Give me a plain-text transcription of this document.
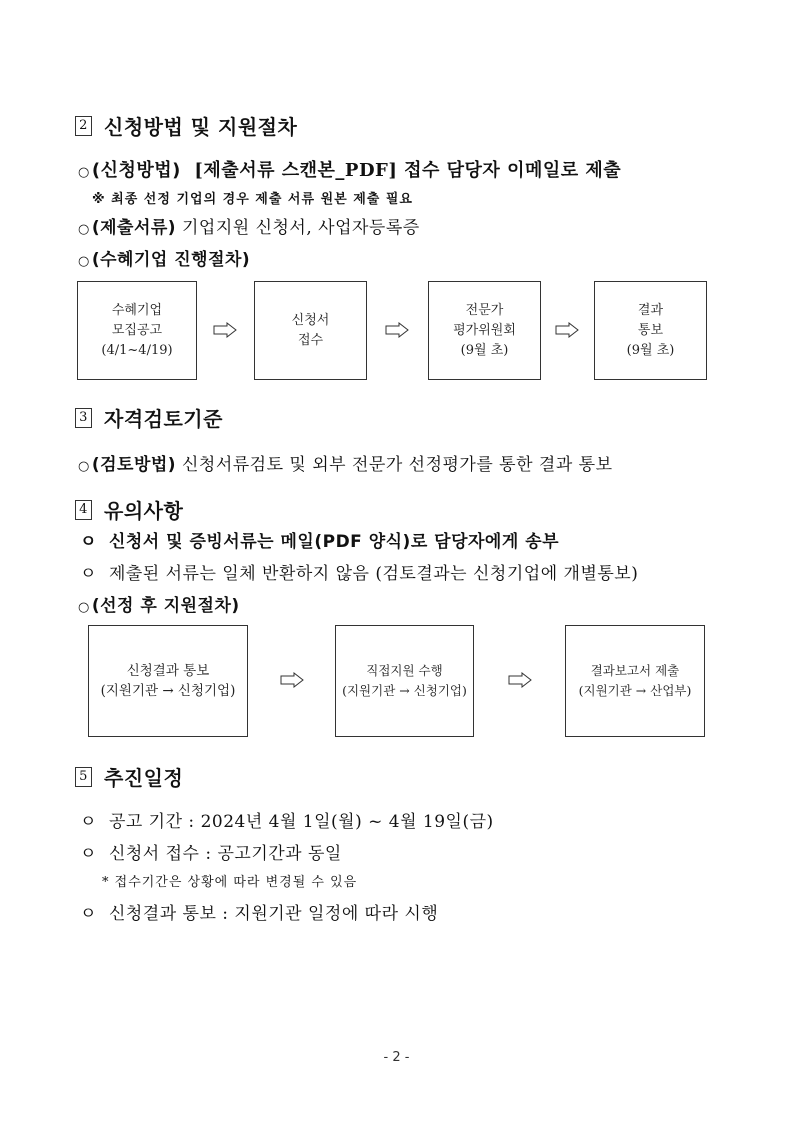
2 신청방법 및 지원절차
○ (신청방법) [제출서류 스캔본_PDF] 접수 담당자 이메일로 제출
※ 최종 선정 기업의 경우 제출 서류 원본 제출 필요
○ (제출서류) 기업지원 신청서, 사업자등록증
○ (수혜기업 진행절차)
수혜기업
모집공고
(4/1~4/19)
신청서
접수
전문가
평가위원회
(9월 초)
결과
통보
(9월 초)
3 자격검토기준
○ (검토방법) 신청서류검토 및 외부 전문가 선정평가를 통한 결과 통보
4 유의사항
ㅇ 신청서 및 증빙서류는 메일(PDF 양식)로 담당자에게 송부
ㅇ 제출된 서류는 일체 반환하지 않음 (검토결과는 신청기업에 개별통보)
○ (선정 후 지원절차)
신청결과 통보
(지원기관 → 신청기업)
직접지원 수행
(지원기관 → 신청기업)
결과보고서 제출
(지원기관 → 산업부)
5 추진일정
ㅇ 공고 기간 : 2024년 4월 1일(월) ~ 4월 19일(금)
ㅇ 신청서 접수 : 공고기간과 동일
* 접수기간은 상황에 따라 변경될 수 있음
ㅇ 신청결과 통보 : 지원기관 일정에 따라 시행
- 2 -
